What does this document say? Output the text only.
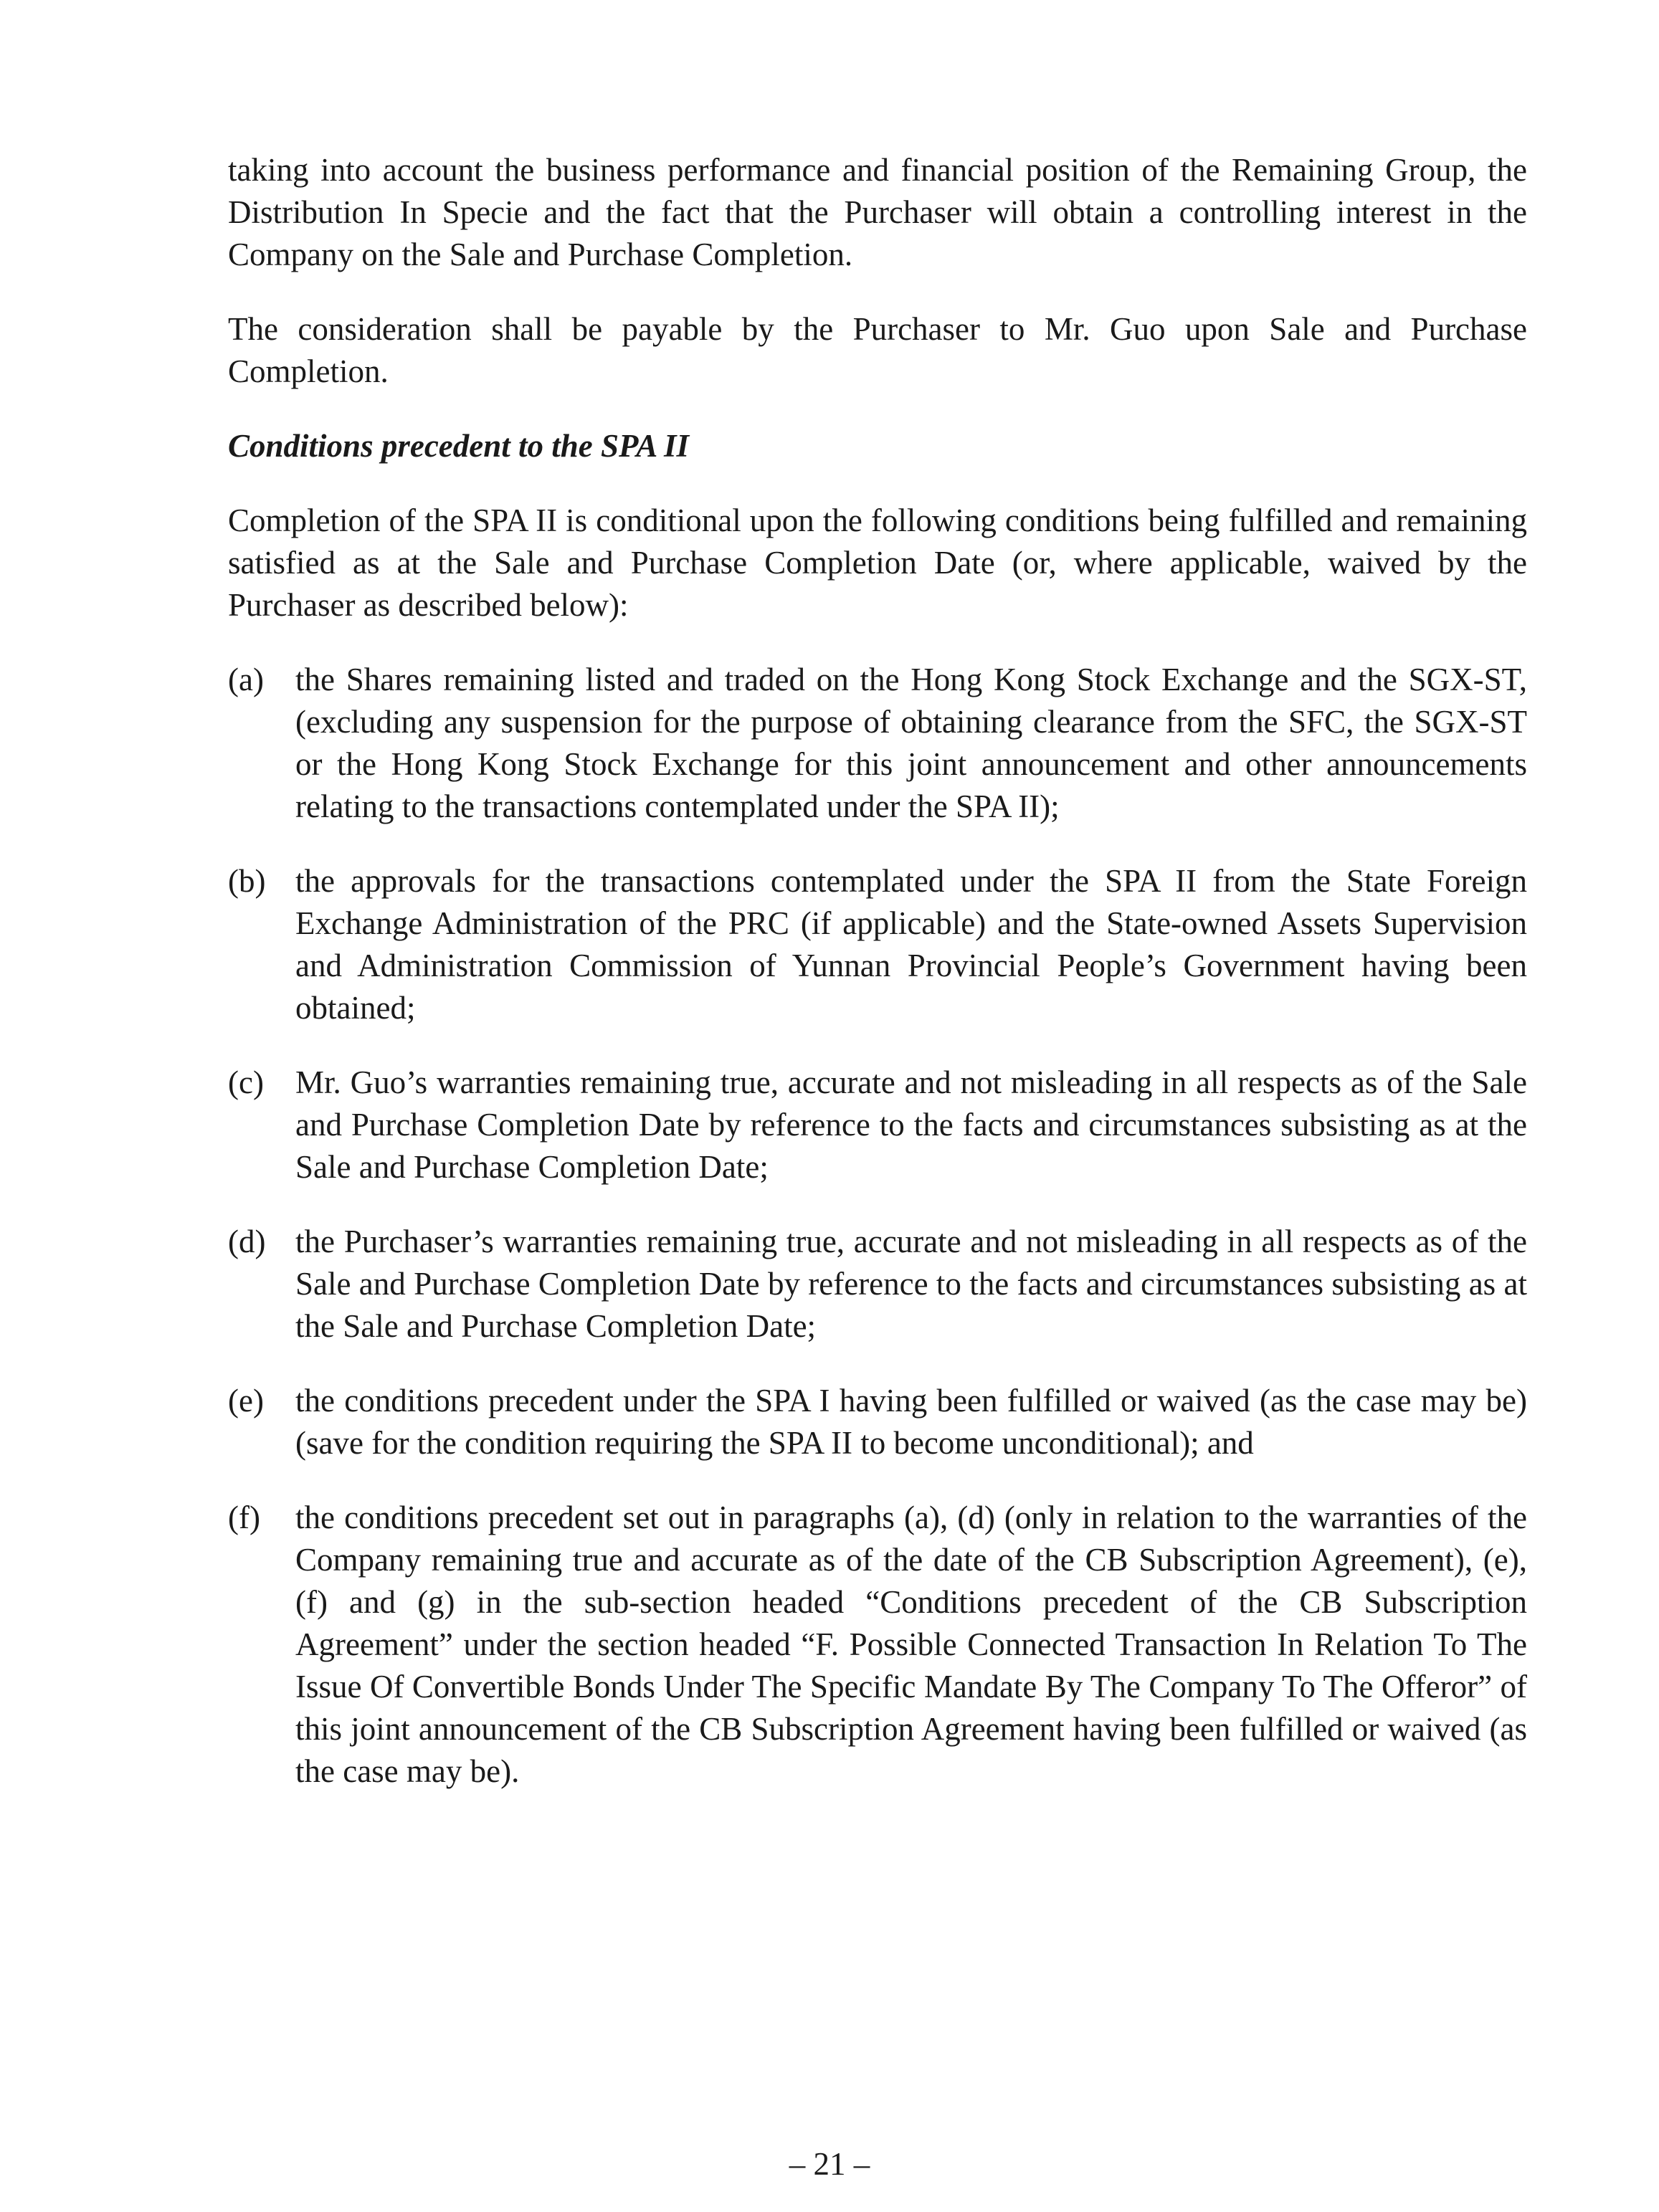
taking into account the business performance and financial position of the Remaining Group, the Distribution In Specie and the fact that the Purchaser will obtain a controlling interest in the Company on the Sale and Purchase Completion.

The consideration shall be payable by the Purchaser to Mr. Guo upon Sale and Purchase Completion.

Conditions precedent to the SPA II

Completion of the SPA II is conditional upon the following conditions being fulfilled and remaining satisfied as at the Sale and Purchase Completion Date (or, where applicable, waived by the Purchaser as described below):

(a) the Shares remaining listed and traded on the Hong Kong Stock Exchange and the SGX-ST, (excluding any suspension for the purpose of obtaining clearance from the SFC, the SGX-ST or the Hong Kong Stock Exchange for this joint announcement and other announcements relating to the transactions contemplated under the SPA II);
(b) the approvals for the transactions contemplated under the SPA II from the State Foreign Exchange Administration of the PRC (if applicable) and the State-owned Assets Supervision and Administration Commission of Yunnan Provincial People’s Government having been obtained;
(c) Mr. Guo’s warranties remaining true, accurate and not misleading in all respects as of the Sale and Purchase Completion Date by reference to the facts and circumstances subsisting as at the Sale and Purchase Completion Date;
(d) the Purchaser’s warranties remaining true, accurate and not misleading in all respects as of the Sale and Purchase Completion Date by reference to the facts and circumstances subsisting as at the Sale and Purchase Completion Date;
(e) the conditions precedent under the SPA I having been fulfilled or waived (as the case may be) (save for the condition requiring the SPA II to become unconditional); and
(f)	the conditions precedent set out in paragraphs (a), (d) (only in relation to the warranties of the Company remaining true and accurate as of the date of the CB Subscription Agreement), (e), (f) and (g) in the sub-section headed “Conditions precedent of the CB Subscription Agreement” under the section headed “F. Possible Connected Transaction In Relation To The Issue Of Convertible Bonds Under The Specific Mandate By The Company To The Offeror” of this joint announcement of the CB Subscription Agreement having been fulfilled or waived (as the case may be).
– 21 –
